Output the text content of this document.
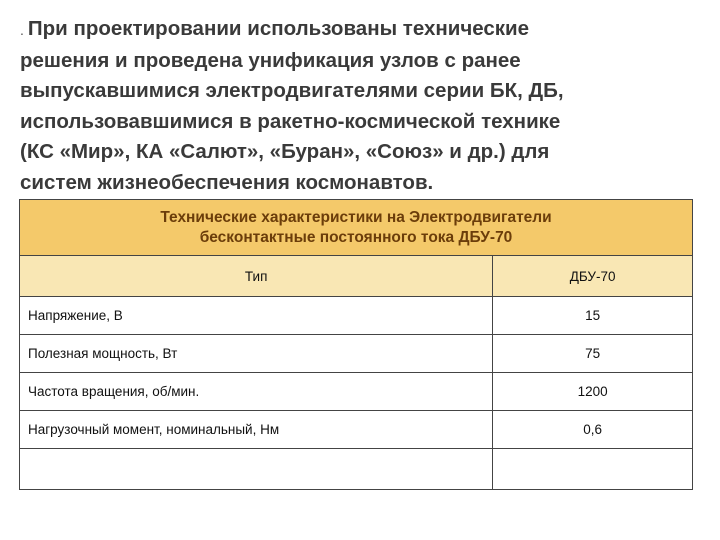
. При проектировании использованы технические
решения и проведена унификация узлов с ранее
выпускавшимися электродвигателями серии БК, ДБ,
использовавшимися в ракетно-космической технике
(КС «Мир», КА «Салют», «Буран», «Союз» и др.) для
систем жизнеобеспечения космонавтов.
Технические характеристики на Электродвигатели
бесконтактные постоянного тока ДБУ-70	

Тип	ДБУ-70
Напряжение, В	15
Полезная мощность, Вт	75
Частота вращения, об/мин.	1200
Нагрузочный момент, номинальный, Нм	0,6
